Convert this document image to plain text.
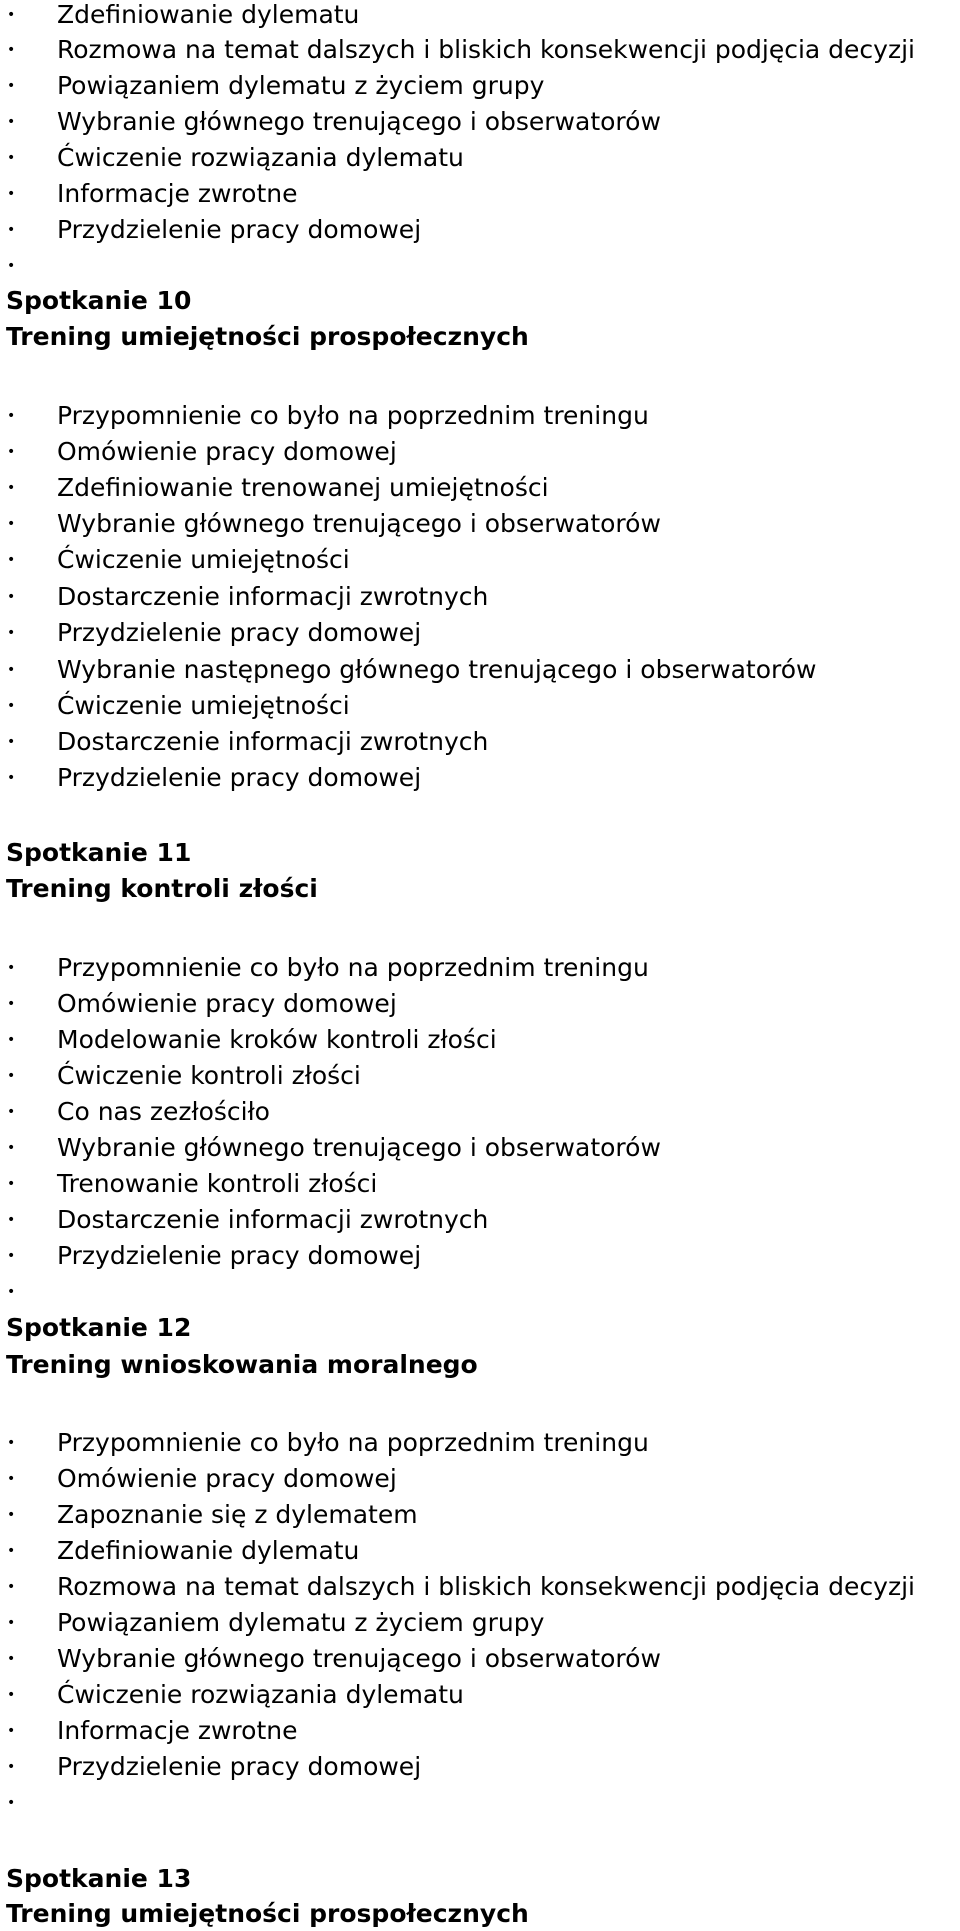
• Zdefiniowanie dylematu
• Rozmowa na temat dalszych i bliskich konsekwencji podjęcia decyzji
• Powiązaniem dylematu z życiem grupy
• Wybranie głównego trenującego i obserwatorów
• Ćwiczenie rozwiązania dylematu
• Informacje zwrotne
• Przydzielenie pracy domowej
•
Spotkanie 10
Trening umiejętności prospołecznych
• Przypomnienie co było na poprzednim treningu
• Omówienie pracy domowej
• Zdefiniowanie trenowanej umiejętności
• Wybranie głównego trenującego i obserwatorów
• Ćwiczenie umiejętności
• Dostarczenie informacji zwrotnych
• Przydzielenie pracy domowej
• Wybranie następnego głównego trenującego i obserwatorów
• Ćwiczenie umiejętności
• Dostarczenie informacji zwrotnych
• Przydzielenie pracy domowej
Spotkanie 11
Trening kontroli złości
• Przypomnienie co było na poprzednim treningu
• Omówienie pracy domowej
• Modelowanie kroków kontroli złości
• Ćwiczenie kontroli złości
• Co nas zezłościło
• Wybranie głównego trenującego i obserwatorów
• Trenowanie kontroli złości
• Dostarczenie informacji zwrotnych
• Przydzielenie pracy domowej
•
Spotkanie 12
Trening wnioskowania moralnego
• Przypomnienie co było na poprzednim treningu
• Omówienie pracy domowej
• Zapoznanie się z dylematem
• Zdefiniowanie dylematu
• Rozmowa na temat dalszych i bliskich konsekwencji podjęcia decyzji
• Powiązaniem dylematu z życiem grupy
• Wybranie głównego trenującego i obserwatorów
• Ćwiczenie rozwiązania dylematu
• Informacje zwrotne
• Przydzielenie pracy domowej
•
Spotkanie 13
Trening umiejętności prospołecznych
